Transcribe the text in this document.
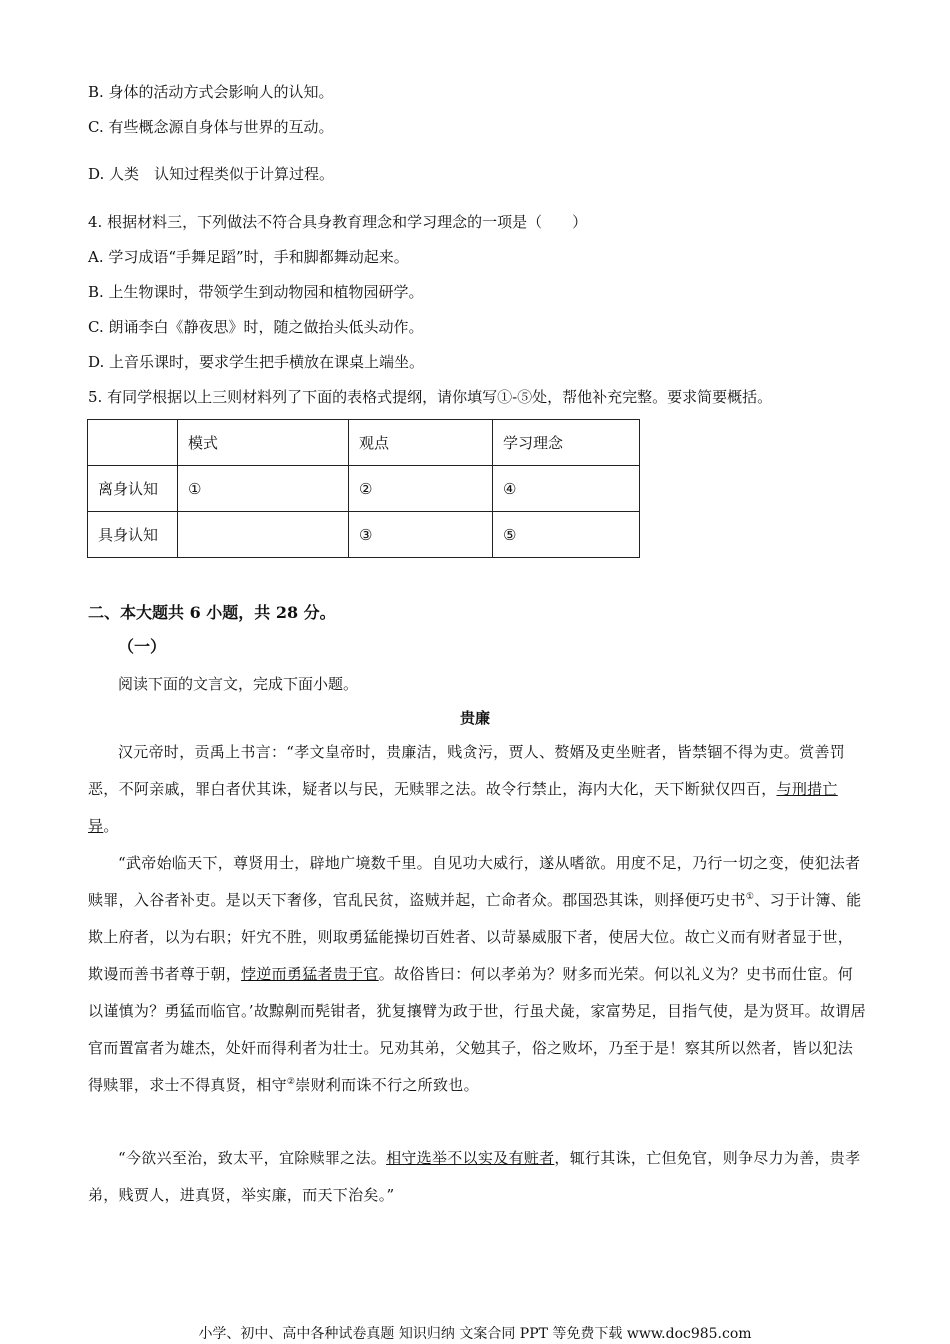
B. 身体的活动方式会影响人的认知。
C. 有些概念源自身体与世界的互动。
D. 人类　认知过程类似于计算过程。
4. 根据材料三，下列做法不符合具身教育理念和学习理念的一项是（　　）
A. 学习成语“手舞足蹈”时，手和脚都舞动起来。
B. 上生物课时，带领学生到动物园和植物园研学。
C. 朗诵李白《静夜思》时，随之做抬头低头动作。
D. 上音乐课时，要求学生把手横放在课桌上端坐。
5. 有同学根据以上三则材料列了下面的表格式提纲，请你填写①-⑤处，帮他补充完整。要求简要概括。
	模式	观点	学习理念
离身认知	①	②	④
具身认知		③	⑤
二、本大题共 6 小题，共 28 分。
（一）
阅读下面的文言文，完成下面小题。
贵廉
汉元帝时，贡禹上书言：“孝文皇帝时，贵廉洁，贱贪污，贾人、赘婿及吏坐赃者，皆禁锢不得为吏。赏善罚恶，不阿亲戚，罪白者伏其诛，疑者以与民，无赎罪之法。故令行禁止，海内大化，天下断狱仅四百，与刑措亡异。
“武帝始临天下，尊贤用士，辟地广境数千里。自见功大威行，遂从嗜欲。用度不足，乃行一切之变，使犯法者赎罪，入谷者补吏。是以天下奢侈，官乱民贫，盗贼并起，亡命者众。郡国恐其诛，则择便巧史书①、习于计簿、能欺上府者，以为右职；奸宄不胜，则取勇猛能操切百姓者、以苛暴威服下者，使居大位。故亡义而有财者显于世，欺谩而善书者尊于朝，悖逆而勇猛者贵于官。故俗皆曰：何以孝弟为？财多而光荣。何以礼义为？史书而仕宦。何以谨慎为？勇猛而临官。’故黥劓而髡钳者，犹复攘臂为政于世，行虽犬彘，家富势足，目指气使，是为贤耳。故谓居官而置富者为雄杰，处奸而得利者为壮士。兄劝其弟，父勉其子，俗之败坏，乃至于是！察其所以然者，皆以犯法得赎罪，求士不得真贤，相守②崇财利而诛不行之所致也。
“今欲兴至治，致太平，宜除赎罪之法。相守选举不以实及有赃者，辄行其诛，亡但免官，则争尽力为善，贵孝弟，贱贾人，进真贤，举实廉，而天下治矣。”
小学、初中、高中各种试卷真题 知识归纳 文案合同 PPT 等免费下载 www.doc985.com
